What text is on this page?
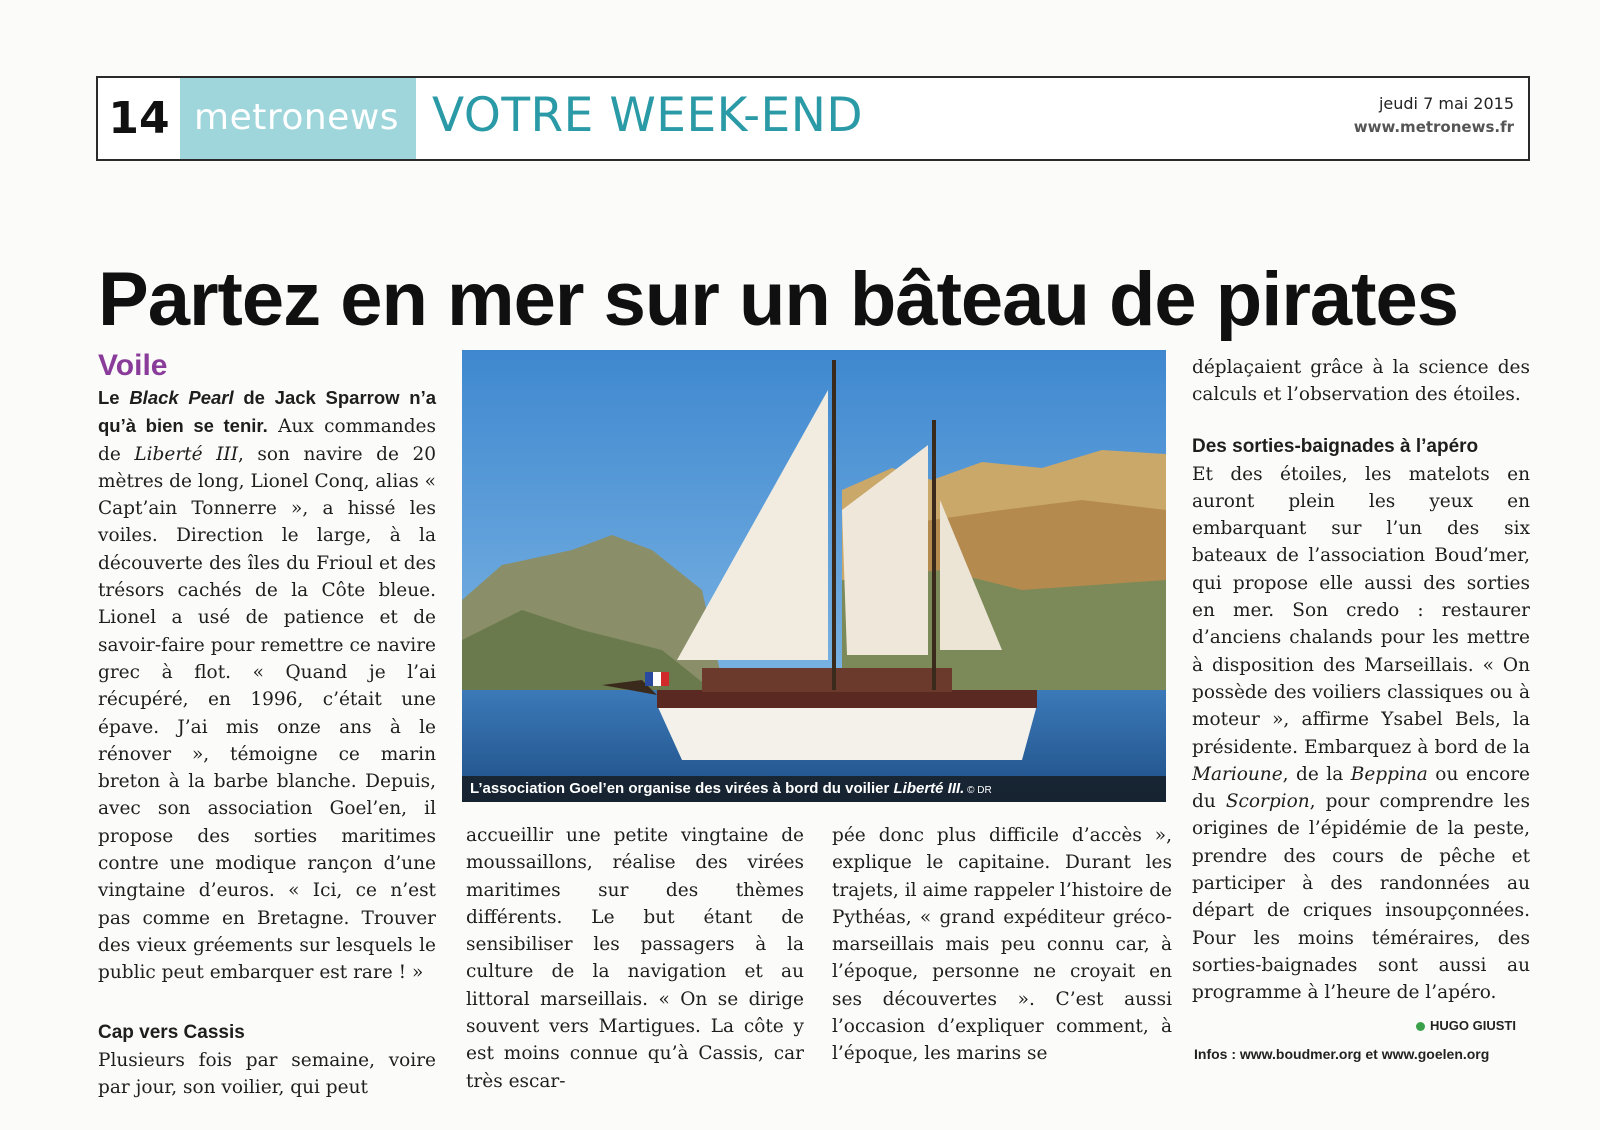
14 metronews VOTRE WEEK-END	jeudi 7 mai 2015
www.metronews.fr
Partez en mer sur un bâteau de pirates

Voile

Le Black Pearl de Jack Sparrow n’a qu’à bien se tenir. Aux commandes de Liberté III, son navire de 20 mètres de long, Lionel Conq, alias « Capt’ain Tonnerre », a hissé les voiles. Direction le large, à la découverte des îles du Frioul et des trésors cachés de la Côte bleue. Lionel a usé de patience et de savoir-faire pour remettre ce navire grec à flot. « Quand je l’ai récupéré, en 1996, c’était une épave. J’ai mis onze ans à le rénover », témoigne ce marin breton à la barbe blanche. Depuis, avec son association Goel’en, il propose des sorties maritimes contre une modique rançon d’une vingtaine d’euros. « Ici, ce n’est pas comme en Bretagne. Trouver des vieux gréements sur lesquels le public peut embarquer est rare ! »

Cap vers Cassis

Plusieurs fois par semaine, voire par jour, son voilier, qui peut

L’association Goel’en organise des virées à bord du voilier Liberté III. © DR

accueillir une petite vingtaine de moussaillons, réalise des virées maritimes sur des thèmes différents. Le but étant de sensibiliser les passagers à la culture de la navigation et au littoral marseillais. « On se dirige souvent vers Martigues. La côte y est moins connue qu’à Cassis, car très escar-

pée donc plus difficile d’accès », explique le capitaine. Durant les trajets, il aime rappeler l’histoire de Pythéas, « grand expéditeur gréco-marseillais mais peu connu car, à l’époque, personne ne croyait en ses découvertes ». C’est aussi l’occasion d’expliquer comment, à l’époque, les marins se

déplaçaient grâce à la science des calculs et l’observation des étoiles.

Des sorties-baignades à l’apéro

Et des étoiles, les matelots en auront plein les yeux en embarquant sur l’un des six bateaux de l’association Boud’mer, qui propose elle aussi des sorties en mer. Son credo : restaurer d’anciens chalands pour les mettre à disposition des Marseillais. « On possède des voiliers classiques ou à moteur », affirme Ysabel Bels, la présidente. Embarquez à bord de la Marioune, de la Beppina ou encore du Scorpion, pour comprendre les origines de l’épidémie de la peste, prendre des cours de pêche et participer à des randonnées au départ de criques insoupçonnées. Pour les moins téméraires, des sorties-baignades sont aussi au programme à l’heure de l’apéro.

HUGO GIUSTI
Infos : www.boudmer.org et www.goelen.org
